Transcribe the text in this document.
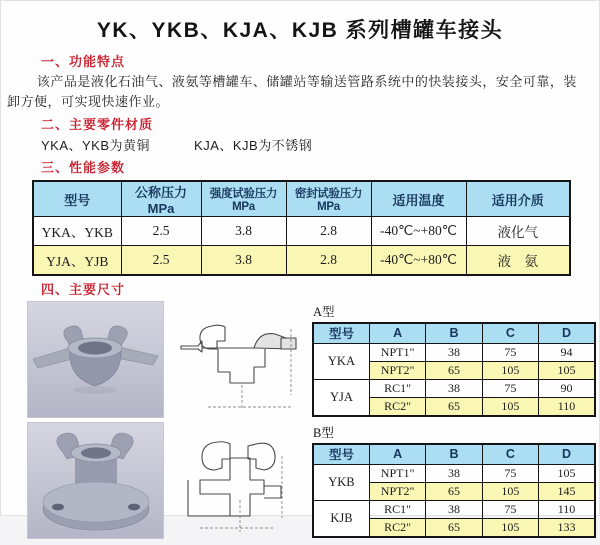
YK、YKB、KJA、KJB 系列槽罐车接头
一、功能特点

该产品是液化石油气、液氨等槽罐车、储罐站等输送管路系统中的快装接头，安全可靠，装卸方便，可实现快速作业。

二、主要零件材质
YKA、YKB为黄铜	KJA、KJB为不锈钢
三、性能参数
型号	公称压力 MPa	强度试验压力MPa	密封试验压力MPa	适用温度	适用介质
YKA、YKB	2.5	3.8	2.8	-40℃~+80℃	液化气
YJA、YJB	2.5	3.8	2.8	-40℃~+80℃	液　氨
四、主要尺寸
A型
型号	A	B	C	D
YKA	NPT1"	38	75	94
	NPT2"	65	105	105
YJA	RC1"	38	75	90
	RC2"	65	105	110
B型
型号	A	B	C	D
YKB	NPT1"	38	75	105
	NPT2"	65	105	145
KJB	RC1"	38	75	110
	RC2"	65	105	133
